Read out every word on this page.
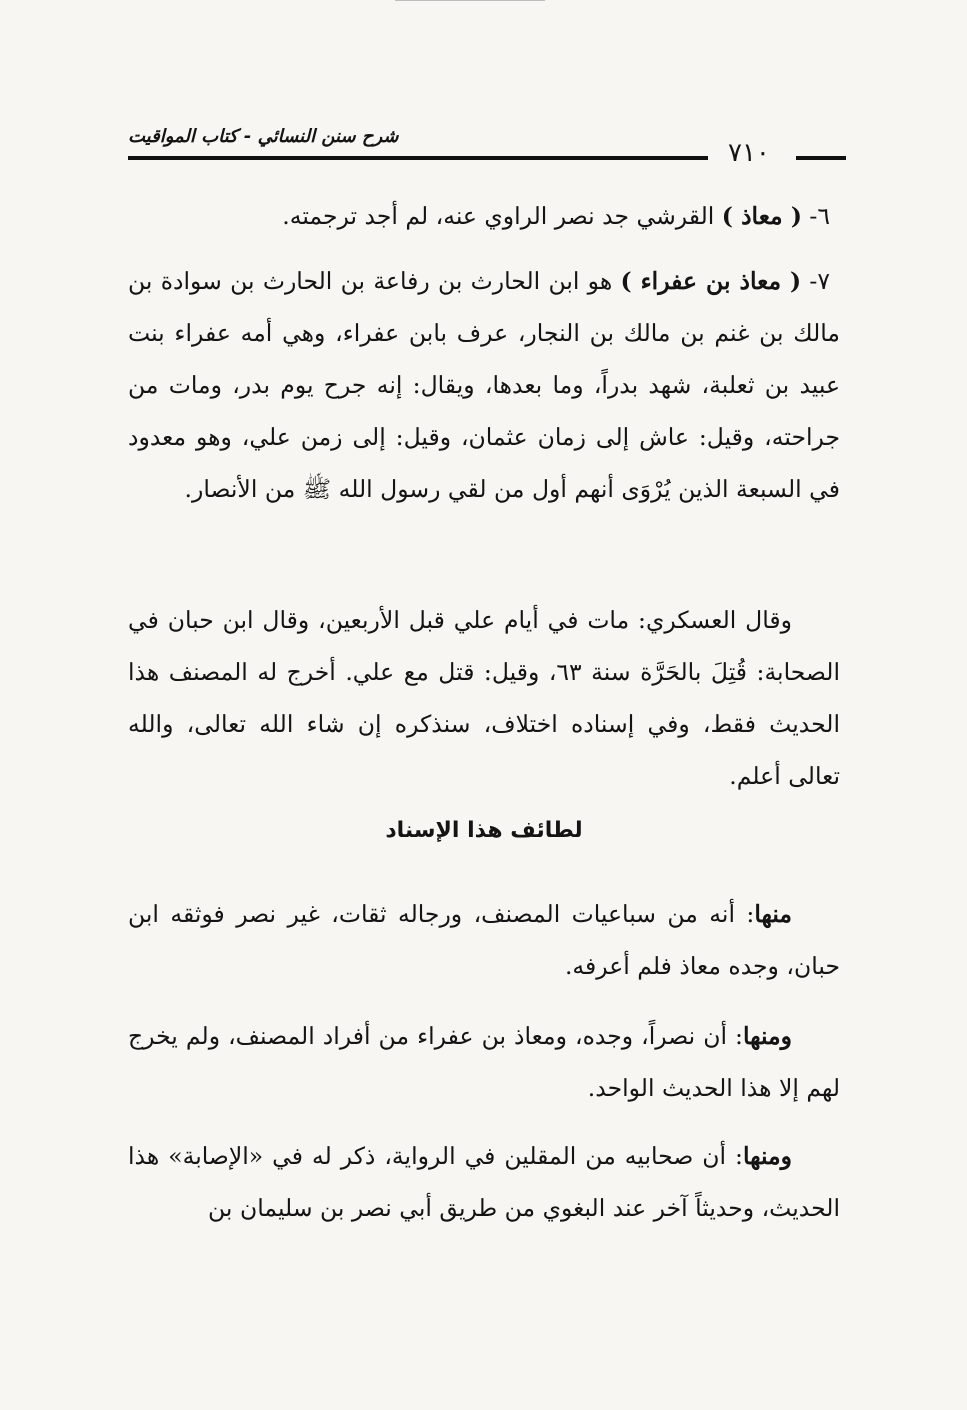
شرح سنن النسائي - كتاب المواقيت
٧١٠

٦- ( معاذ ) القرشي جد نصر الراوي عنه، لم أجد ترجمته.

٧- ( معاذ بن عفراء ) هو ابن الحارث بن رفاعة بن الحارث بن سوادة بن مالك بن غنم بن مالك بن النجار، عرف بابن عفراء، وهي أمه عفراء بنت عبيد بن ثعلبة، شهد بدراً، وما بعدها، ويقال: إنه جرح يوم بدر، ومات من جراحته، وقيل: عاش إلى زمان عثمان، وقيل: إلى زمن علي، وهو معدود في السبعة الذين يُرْوَى أنهم أول من لقي رسول الله ﷺ من الأنصار.

وقال العسكري: مات في أيام علي قبل الأربعين، وقال ابن حبان في الصحابة: قُتِلَ بالحَرَّة سنة ٦٣، وقيل: قتل مع علي. أخرج له المصنف هذا الحديث فقط، وفي إسناده اختلاف، سنذكره إن شاء الله تعالى، والله تعالى أعلم.

لطائف هذا الإسناد

منها: أنه من سباعيات المصنف، ورجاله ثقات، غير نصر فوثقه ابن حبان، وجده معاذ فلم أعرفه.

ومنها: أن نصراً، وجده، ومعاذ بن عفراء من أفراد المصنف، ولم يخرج لهم إلا هذا الحديث الواحد.

ومنها: أن صحابيه من المقلين في الرواية، ذكر له في «الإصابة» هذا الحديث، وحديثاً آخر عند البغوي من طريق أبي نصر بن سليمان بن
